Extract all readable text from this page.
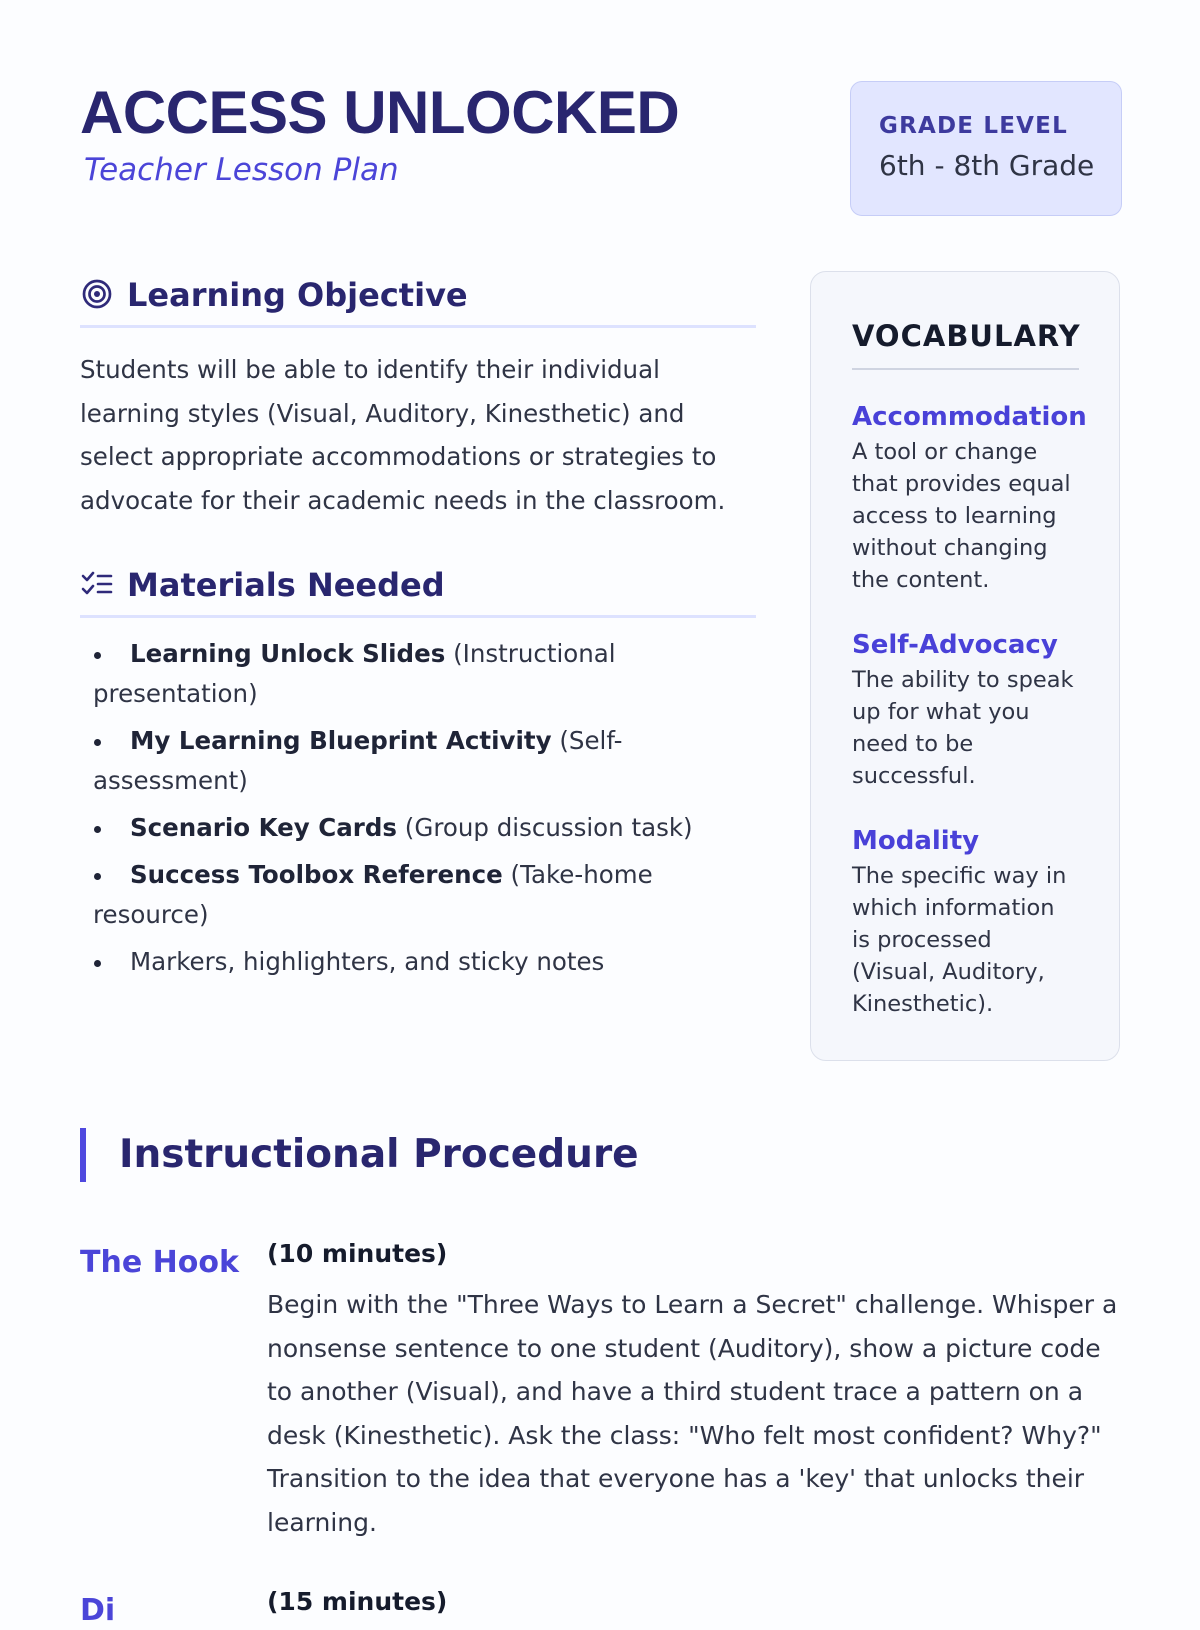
ACCESS UNLOCKED
Teacher Lesson Plan
GRADE LEVEL
6th - 8th Grade
Learning Objective

Students will be able to identify their individual learning styles (Visual, Auditory, Kinesthetic) and select appropriate accommodations or strategies to advocate for their academic needs in the classroom.

Materials Needed
Learning Unlock Slides (Instructional presentation)
My Learning Blueprint Activity (Self-assessment)
Scenario Key Cards (Group discussion task)
Success Toolbox Reference (Take-home resource)
Markers, highlighters, and sticky notes
VOCABULARY
Accommodation
A tool or change that provides equal access to learning without changing the content.
Self-Advocacy
The ability to speak up for what you need to be successful.
Modality
The specific way in which information is processed (Visual, Auditory, Kinesthetic).
Instructional Procedure
The Hook (10 minutes)

Begin with the "Three Ways to Learn a Secret" challenge. Whisper a nonsense sentence to one student (Auditory), show a picture code to another (Visual), and have a third student trace a pattern on a desk (Kinesthetic). Ask the class: "Who felt most confident? Why?" Transition to the idea that everyone has a 'key' that unlocks their learning.

Di	(15 minutes)
